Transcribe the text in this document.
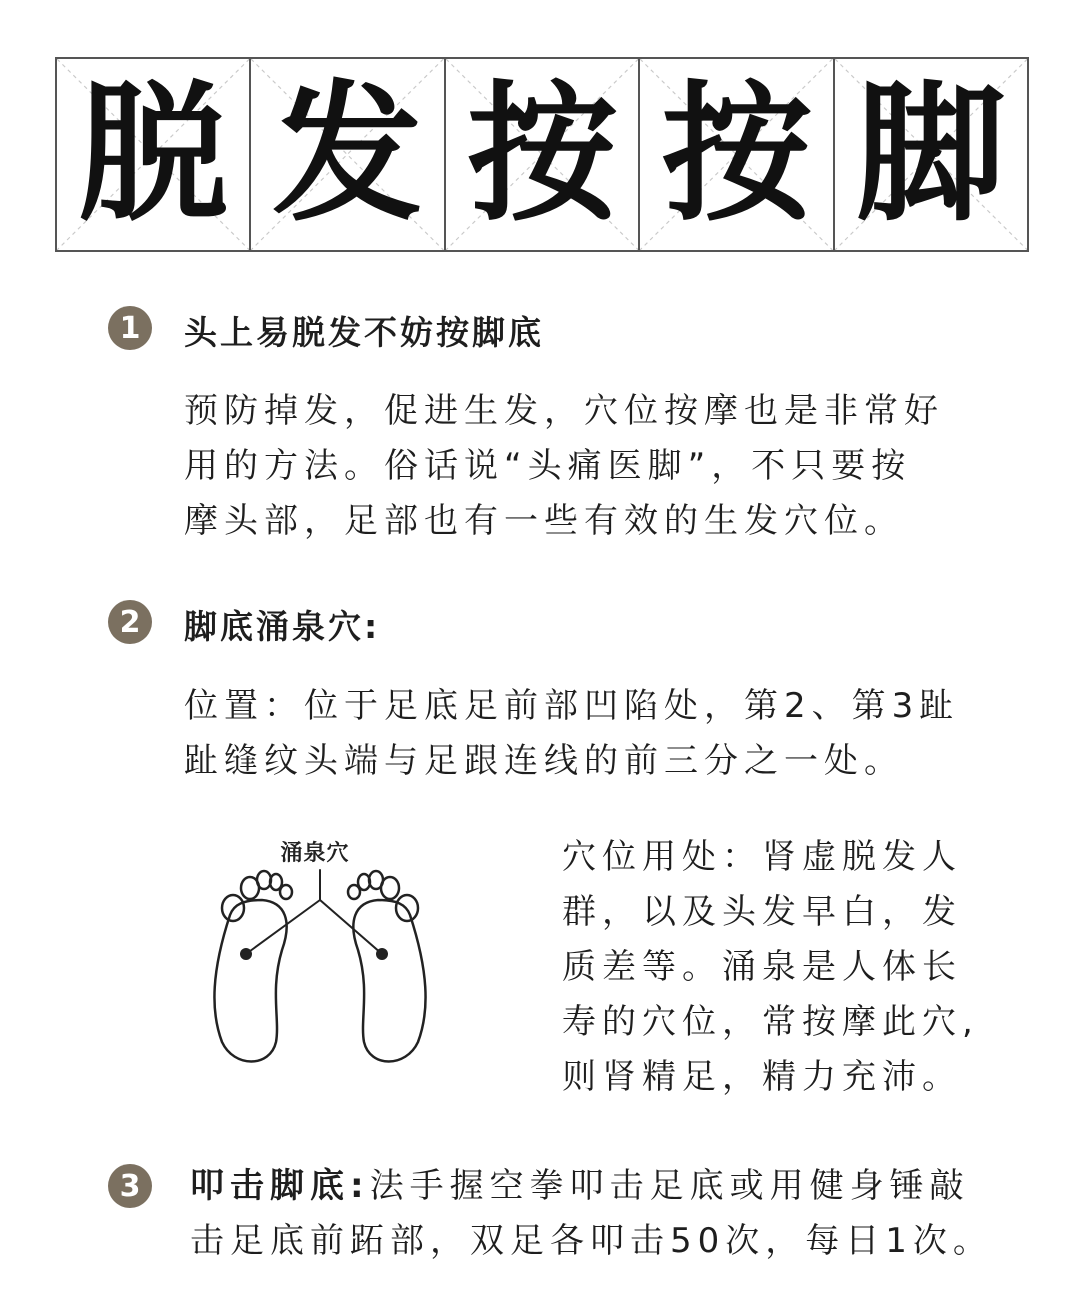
脱 发 按 按 脚
1	头上易脱发不妨按脚底
预防掉发，促进生发，穴位按摩也是非常好
用的方法。俗话说“头痛医脚”，不只要按
摩头部，足部也有一些有效的生发穴位。
2	脚底涌泉穴:
位置：位于足底足前部凹陷处，第2、第3趾
趾缝纹头端与足跟连线的前三分之一处。
涌泉穴	穴位用处：肾虚脱发人
群，以及头发早白，发
质差等。涌泉是人体长
寿的穴位，常按摩此穴,
则肾精足，精力充沛。
3	叩击脚底:法手握空拳叩击足底或用健身锤敲
击足底前跖部，双足各叩击50次，每日1次。
